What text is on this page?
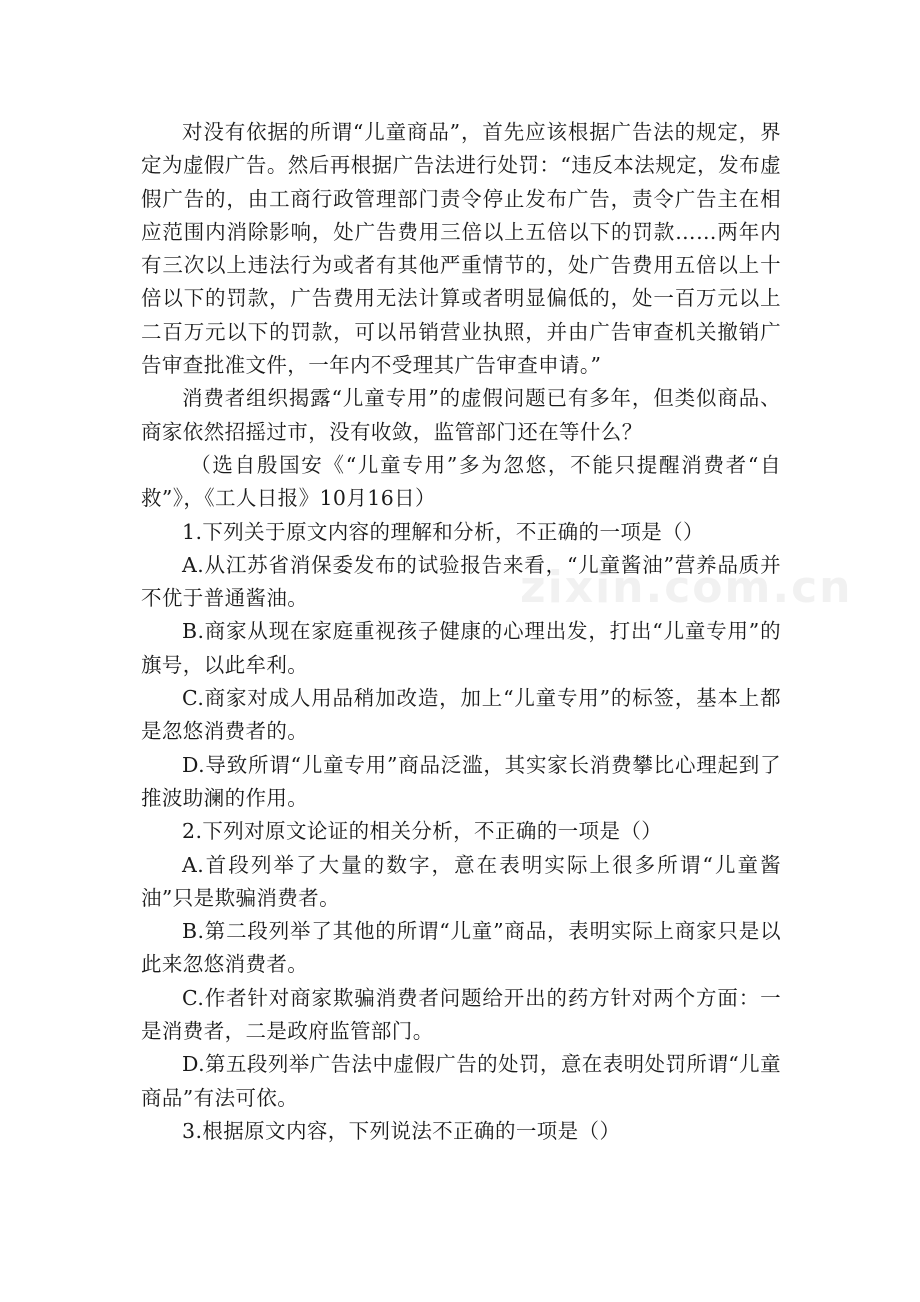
zixin.com.cn

对没有依据的所谓“儿童商品”，首先应该根据广告法的规定，界定为虚假广告。然后再根据广告法进行处罚：“违反本法规定，发布虚假广告的，由工商行政管理部门责令停止发布广告，责令广告主在相应范围内消除影响，处广告费用三倍以上五倍以下的罚款……两年内有三次以上违法行为或者有其他严重情节的，处广告费用五倍以上十倍以下的罚款，广告费用无法计算或者明显偏低的，处一百万元以上二百万元以下的罚款，可以吊销营业执照，并由广告审查机关撤销广告审查批准文件，一年内不受理其广告审查申请。”

消费者组织揭露“儿童专用”的虚假问题已有多年，但类似商品、商家依然招摇过市，没有收敛，监管部门还在等什么？

（选自殷国安《“儿童专用”多为忽悠，不能只提醒消费者“自救”》，《工人日报》10月16日）

1.下列关于原文内容的理解和分析，不正确的一项是（）

A.从江苏省消保委发布的试验报告来看，“儿童酱油”营养品质并不优于普通酱油。

B.商家从现在家庭重视孩子健康的心理出发，打出“儿童专用”的旗号，以此牟利。

C.商家对成人用品稍加改造，加上“儿童专用”的标签，基本上都是忽悠消费者的。

D.导致所谓“儿童专用”商品泛滥，其实家长消费攀比心理起到了推波助澜的作用。

2.下列对原文论证的相关分析，不正确的一项是（）

A.首段列举了大量的数字，意在表明实际上很多所谓“儿童酱油”只是欺骗消费者。

B.第二段列举了其他的所谓“儿童”商品，表明实际上商家只是以此来忽悠消费者。

C.作者针对商家欺骗消费者问题给开出的药方针对两个方面：一是消费者，二是政府监管部门。

D.第五段列举广告法中虚假广告的处罚，意在表明处罚所谓“儿童商品”有法可依。

3.根据原文内容，下列说法不正确的一项是（）
